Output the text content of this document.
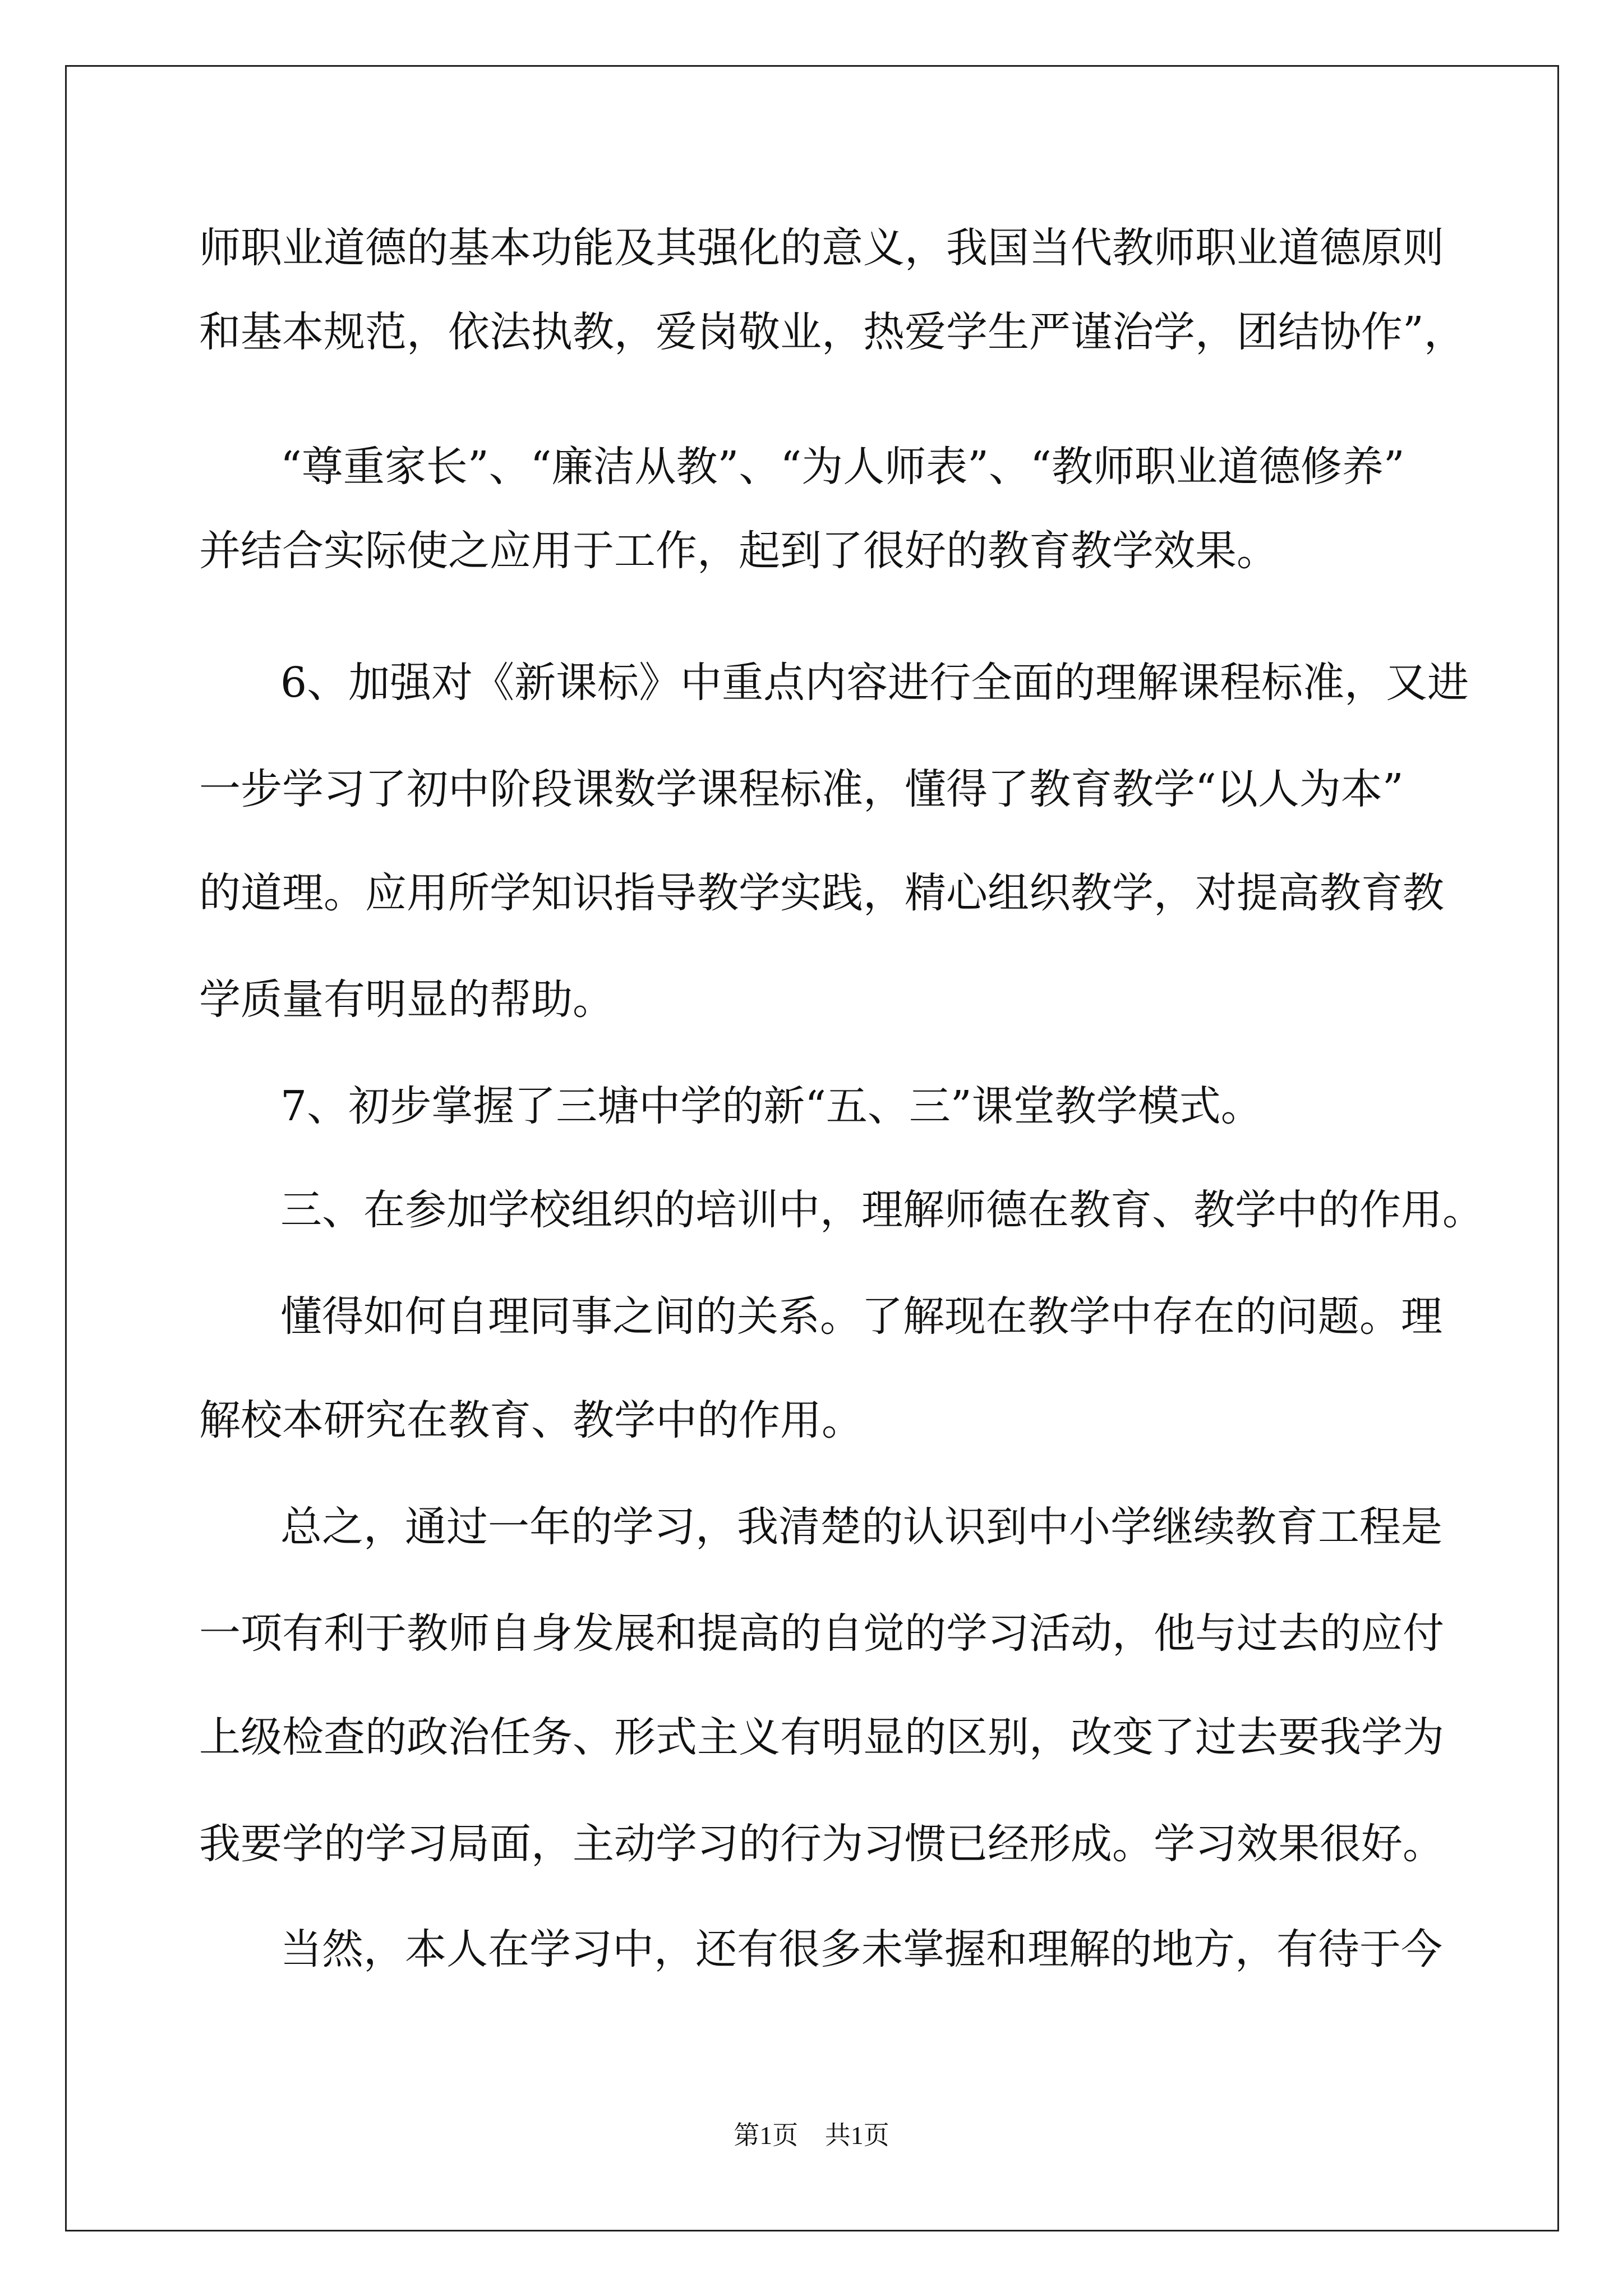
师职业道德的基本功能及其强化的意义，我国当代教师职业道德原则
和基本规范，依法执教，爱岗敬业，热爱学生严谨治学，团结协作”，
“尊重家长”、“廉洁从教”、“为人师表”、“教师职业道德修养”
并结合实际使之应用于工作，起到了很好的教育教学效果。
6、加强对《新课标》中重点内容进行全面的理解课程标准，又进
一步学习了初中阶段课数学课程标准，懂得了教育教学“以人为本”
的道理。应用所学知识指导教学实践，精心组织教学，对提高教育教
学质量有明显的帮助。
7、初步掌握了三塘中学的新“五、三”课堂教学模式。
三、在参加学校组织的培训中，理解师德在教育、教学中的作用。
懂得如何自理同事之间的关系。了解现在教学中存在的问题。理
解校本研究在教育、教学中的作用。
总之，通过一年的学习，我清楚的认识到中小学继续教育工程是
一项有利于教师自身发展和提高的自觉的学习活动，他与过去的应付
上级检查的政治任务、形式主义有明显的区别，改变了过去要我学为
我要学的学习局面，主动学习的行为习惯已经形成。学习效果很好。
当然，本人在学习中，还有很多未掌握和理解的地方，有待于今
第1页 共1页
